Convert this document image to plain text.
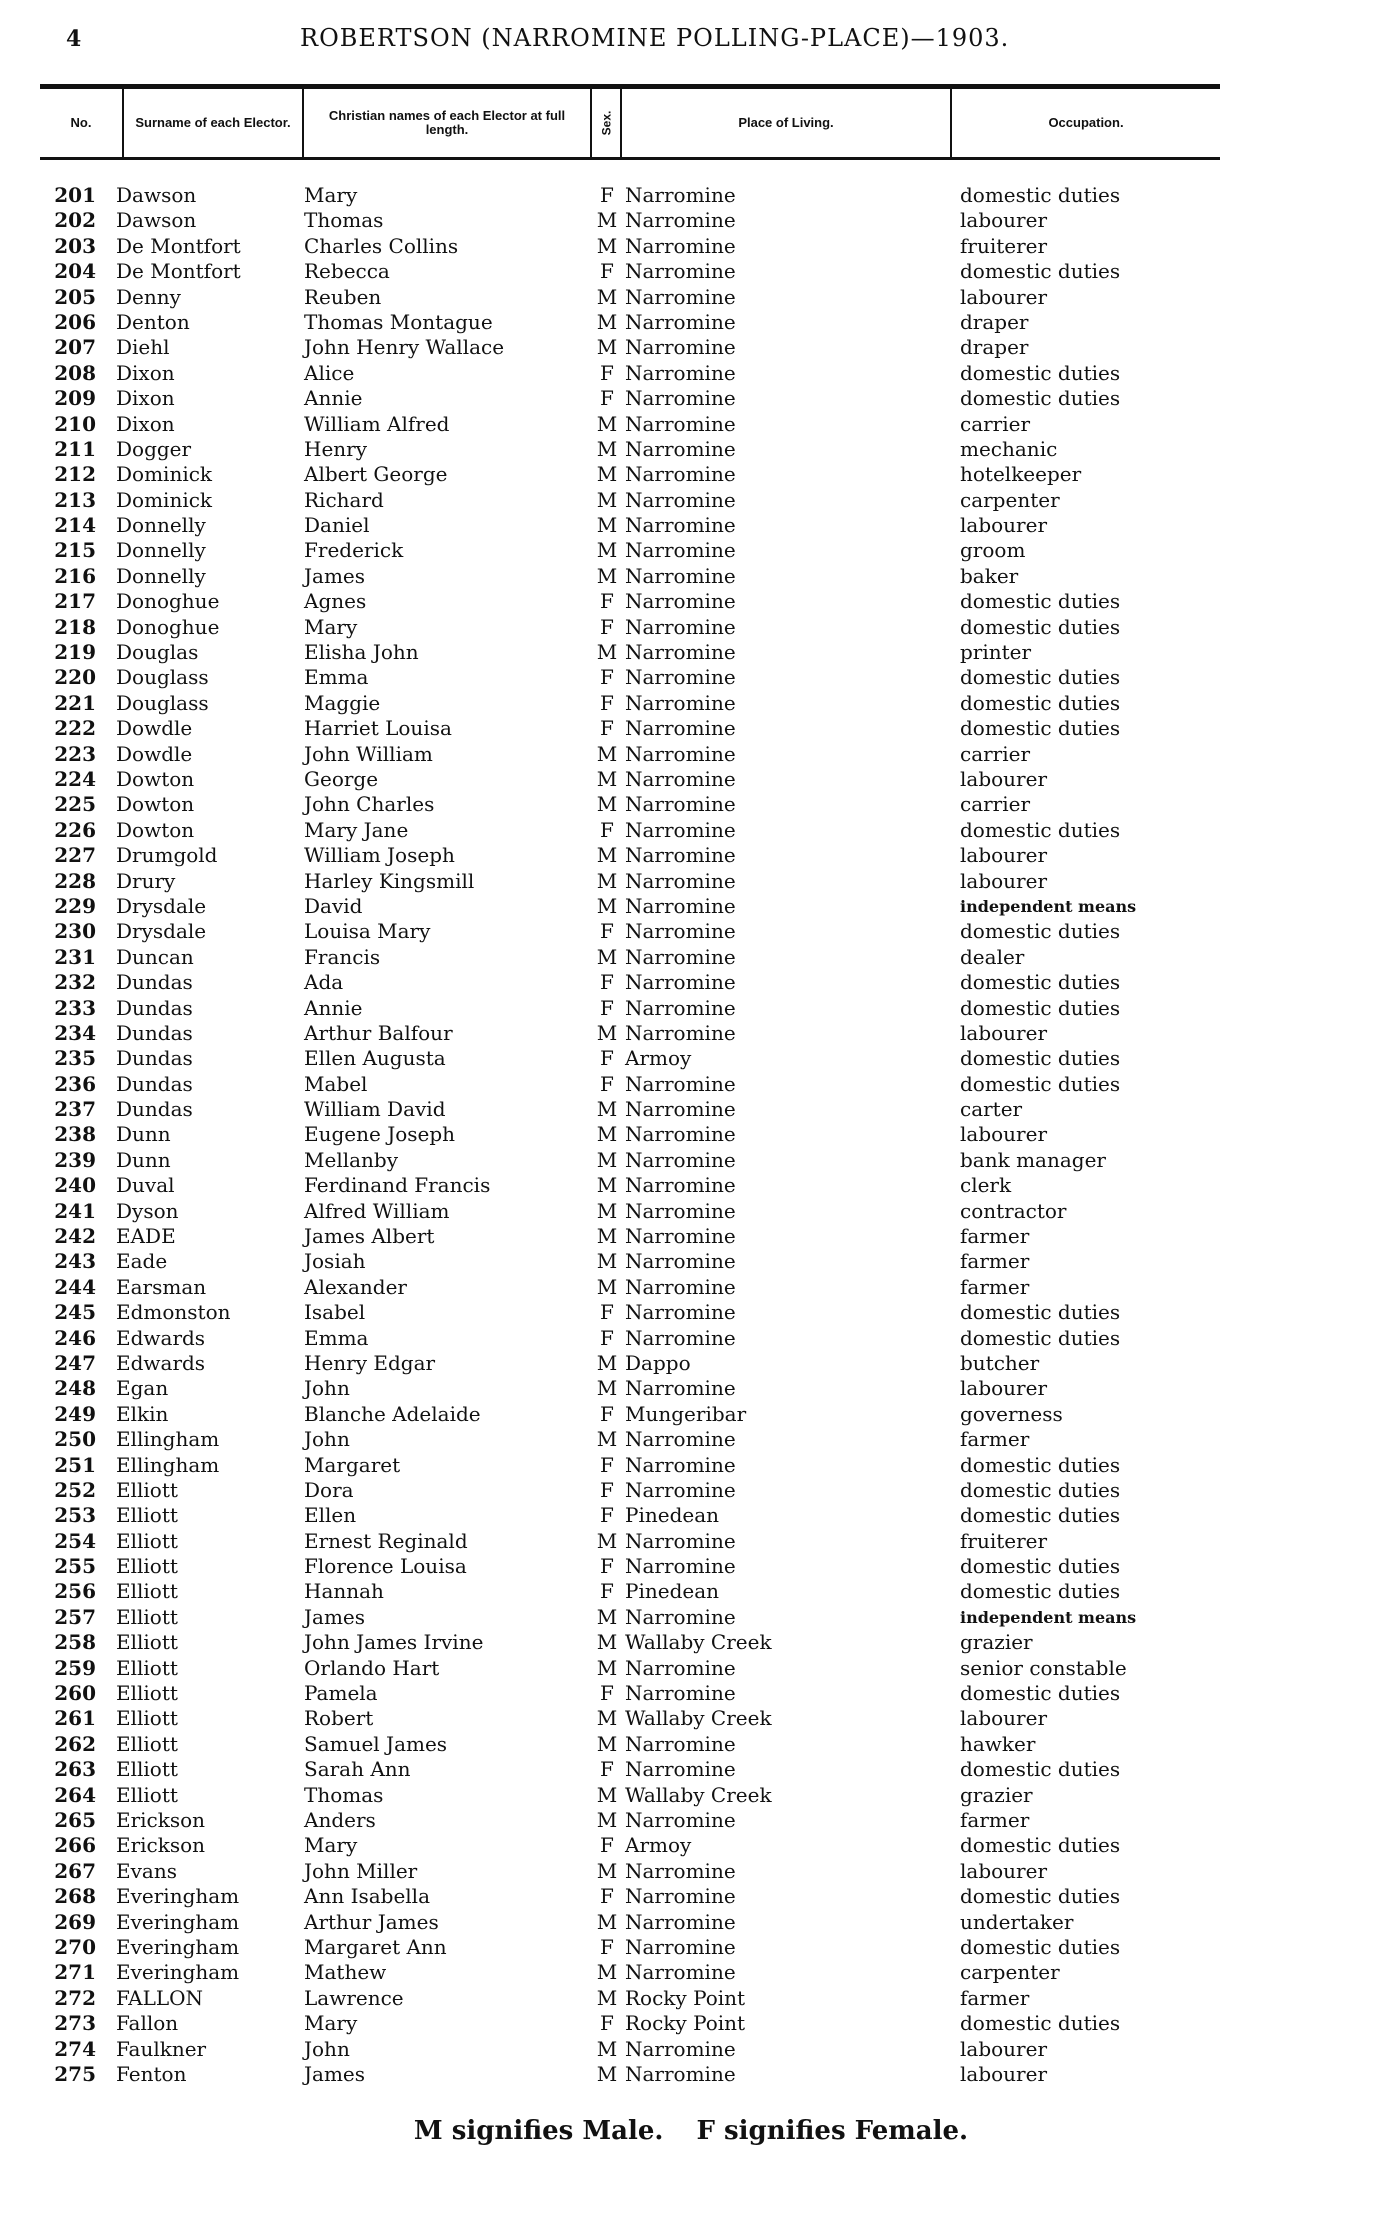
4	ROBERTSON (NARROMINE POLLING-PLACE)—1903.
No.	Surname of each Elector.	Christian names of each Elector at full length.	Sex.	Place of Living.	Occupation.
201 Dawson	Mary	F Narromine	domestic duties
202 Dawson	Thomas	M Narromine	labourer
203 De Montfort	Charles Collins	M Narromine	fruiterer
204 De Montfort	Rebecca	F Narromine	domestic duties
205 Denny	Reuben	M Narromine	labourer
206 Denton	Thomas Montague	M Narromine	draper
207 Diehl	John Henry Wallace	M Narromine	draper
208 Dixon	Alice	F Narromine	domestic duties
209 Dixon	Annie	F Narromine	domestic duties
210 Dixon	William Alfred	M Narromine	carrier
211 Dogger	Henry	M Narromine	mechanic
212 Dominick	Albert George	M Narromine	hotelkeeper
213 Dominick	Richard	M Narromine	carpenter
214 Donnelly	Daniel	M Narromine	labourer
215 Donnelly	Frederick	M Narromine	groom
216 Donnelly	James	M Narromine	baker
217 Donoghue	Agnes	F Narromine	domestic duties
218 Donoghue	Mary	F Narromine	domestic duties
219 Douglas	Elisha John	M Narromine	printer
220 Douglass	Emma	F Narromine	domestic duties
221 Douglass	Maggie	F Narromine	domestic duties
222 Dowdle	Harriet Louisa	F Narromine	domestic duties
223 Dowdle	John William	M Narromine	carrier
224 Dowton	George	M Narromine	labourer
225 Dowton	John Charles	M Narromine	carrier
226 Dowton	Mary Jane	F Narromine	domestic duties
227 Drumgold	William Joseph	M Narromine	labourer
228 Drury	Harley Kingsmill	M Narromine	labourer
229 Drysdale	David	M Narromine	independent means
230 Drysdale	Louisa Mary	F Narromine	domestic duties
231 Duncan	Francis	M Narromine	dealer
232 Dundas	Ada	F Narromine	domestic duties
233 Dundas	Annie	F Narromine	domestic duties
234 Dundas	Arthur Balfour	M Narromine	labourer
235 Dundas	Ellen Augusta	F Armoy	domestic duties
236 Dundas	Mabel	F Narromine	domestic duties
237 Dundas	William David	M Narromine	carter
238 Dunn	Eugene Joseph	M Narromine	labourer
239 Dunn	Mellanby	M Narromine	bank manager
240 Duval	Ferdinand Francis	M Narromine	clerk
241 Dyson	Alfred William	M Narromine	contractor
242 EADE	James Albert	M Narromine	farmer
243 Eade	Josiah	M Narromine	farmer
244 Earsman	Alexander	M Narromine	farmer
245 Edmonston	Isabel	F Narromine	domestic duties
246 Edwards	Emma	F Narromine	domestic duties
247 Edwards	Henry Edgar	M Dappo	butcher
248 Egan	John	M Narromine	labourer
249 Elkin	Blanche Adelaide	F Mungeribar	governess
250 Ellingham	John	M Narromine	farmer
251 Ellingham	Margaret	F Narromine	domestic duties
252 Elliott	Dora	F Narromine	domestic duties
253 Elliott	Ellen	F Pinedean	domestic duties
254 Elliott	Ernest Reginald	M Narromine	fruiterer
255 Elliott	Florence Louisa	F Narromine	domestic duties
256 Elliott	Hannah	F Pinedean	domestic duties
257 Elliott	James	M Narromine	independent means
258 Elliott	John James Irvine	M Wallaby Creek	grazier
259 Elliott	Orlando Hart	M Narromine	senior constable
260 Elliott	Pamela	F Narromine	domestic duties
261 Elliott	Robert	M Wallaby Creek	labourer
262 Elliott	Samuel James	M Narromine	hawker
263 Elliott	Sarah Ann	F Narromine	domestic duties
264 Elliott	Thomas	M Wallaby Creek	grazier
265 Erickson	Anders	M Narromine	farmer
266 Erickson	Mary	F Armoy	domestic duties
267 Evans	John Miller	M Narromine	labourer
268 Everingham	Ann Isabella	F Narromine	domestic duties
269 Everingham	Arthur James	M Narromine	undertaker
270 Everingham	Margaret Ann	F Narromine	domestic duties
271 Everingham	Mathew	M Narromine	carpenter
272 FALLON	Lawrence	M Rocky Point	farmer
273 Fallon	Mary	F Rocky Point	domestic duties
274 Faulkner	John	M Narromine	labourer
275 Fenton	James	M Narromine	labourer
M signifies Male. F signifies Female.
